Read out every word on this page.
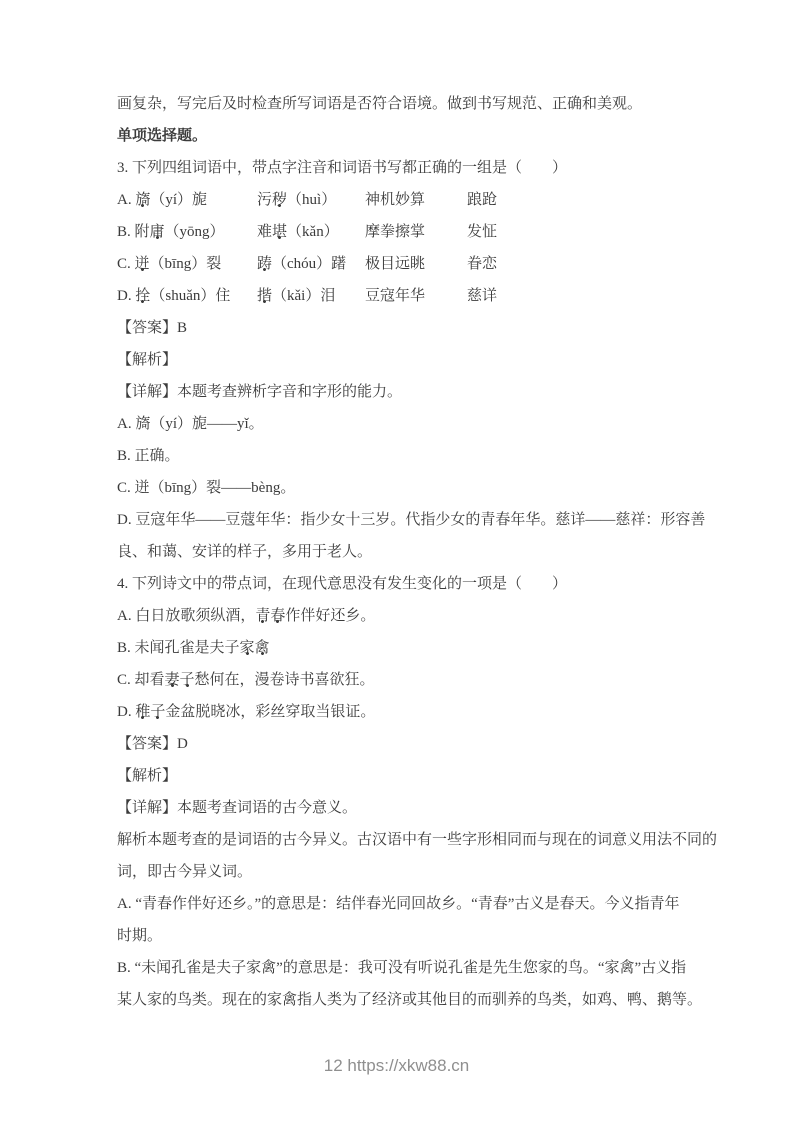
画复杂，写完后及时检查所写词语是否符合语境。做到书写规范、正确和美观。
单项选择题。
3. 下列四组词语中，带点字注音和词语书写都正确的一组是（　　）
A. 旖（yí）旎	污秽（huì）	神机妙算	踉跄
B. 附庸（yōng）	难堪（kǎn）	摩拳擦掌	发怔
C. 迸（bīng）裂	踌（chóu）躇	极目远眺	眷恋
D. 拴（shuǎn）住	揩（kǎi）泪	豆寇年华	慈详
【答案】B
【解析】
【详解】本题考查辨析字音和字形的能力。
A. 旖（yí）旎——yǐ。
B. 正确。
C. 迸（bīng）裂——bèng。
D. 豆寇年华——豆蔻年华：指少女十三岁。代指少女的青春年华。慈详——慈祥：形容善
良、和蔼、安详的样子，多用于老人。
4. 下列诗文中的带点词，在现代意思没有发生变化的一项是（　　）
A. 白日放歌须纵酒，青春作伴好还乡。
B. 未闻孔雀是夫子家禽
C. 却看妻子愁何在，漫卷诗书喜欲狂。
D. 稚子金盆脱晓冰，彩丝穿取当银证。
【答案】D
【解析】
【详解】本题考查词语的古今意义。
解析本题考查的是词语的古今异义。古汉语中有一些字形相同而与现在的词意义用法不同的
词，即古今异义词。
A. “青春作伴好还乡。”的意思是：结伴春光同回故乡。“青春”古义是春天。今义指青年
时期。
B. “未闻孔雀是夫子家禽”的意思是：我可没有听说孔雀是先生您家的鸟。“家禽”古义指
某人家的鸟类。现在的家禽指人类为了经济或其他目的而驯养的鸟类，如鸡、鸭、鹅等。
12 https://xkw88.cn
